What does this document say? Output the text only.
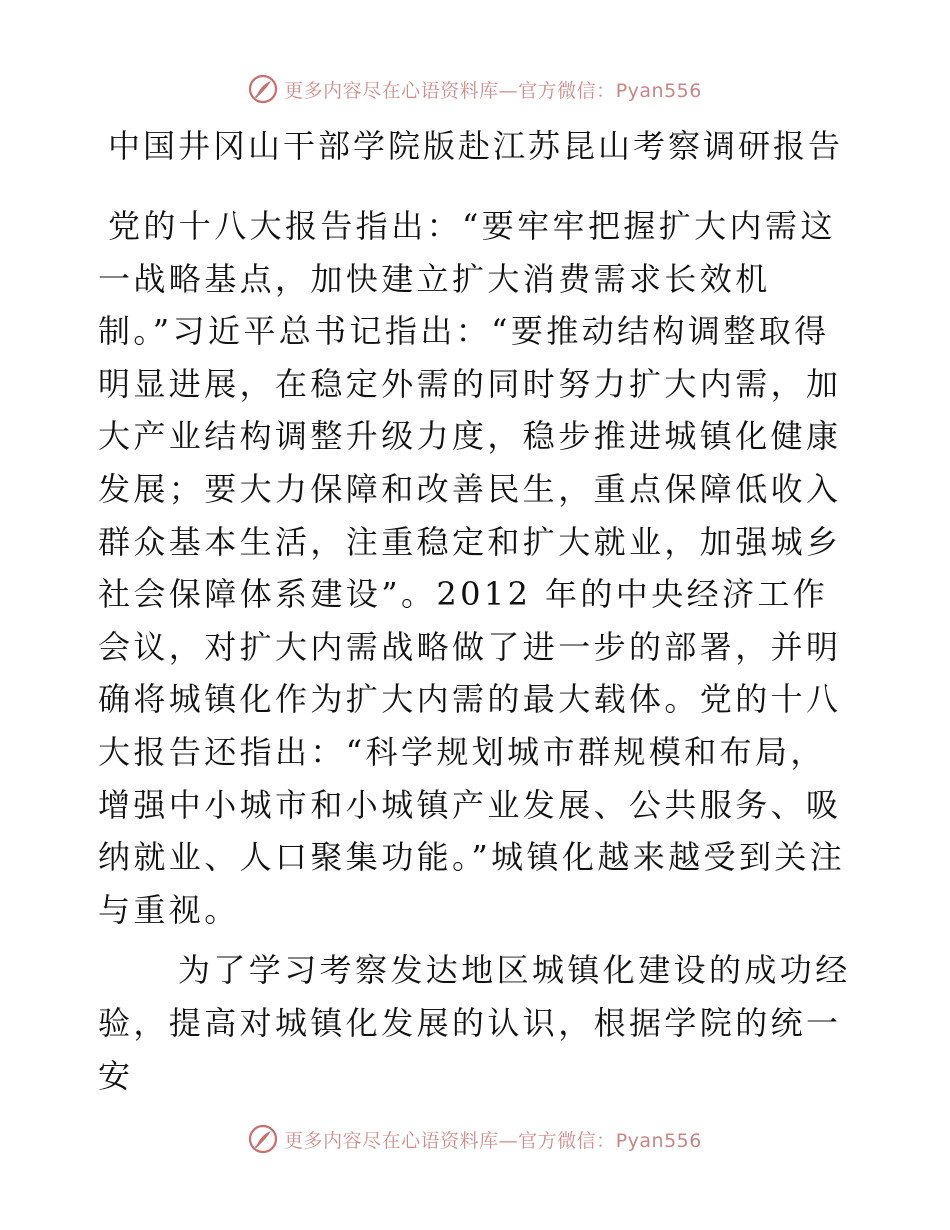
更多内容尽在心语资料库—官方微信：Pyan556
中国井冈山干部学院版赴江苏昆山考察调研报告

党的十八大报告指出：“要牢牢把握扩大内需这一战略基点，加快建立扩大消费需求长效机制。”习近平总书记指出：“要推动结构调整取得明显进展，在稳定外需的同时努力扩大内需，加大产业结构调整升级力度，稳步推进城镇化健康发展；要大力保障和改善民生，重点保障低收入群众基本生活，注重稳定和扩大就业，加强城乡社会保障体系建设”。2012 年的中央经济工作会议，对扩大内需战略做了进一步的部署，并明确将城镇化作为扩大内需的最大载体。党的十八大报告还指出：“科学规划城市群规模和布局，增强中小城市和小城镇产业发展、公共服务、吸纳就业、人口聚集功能。”城镇化越来越受到关注与重视。

为了学习考察发达地区城镇化建设的成功经验，提高对城镇化发展的认识，根据学院的统一安

更多内容尽在心语资料库—官方微信：Pyan556
